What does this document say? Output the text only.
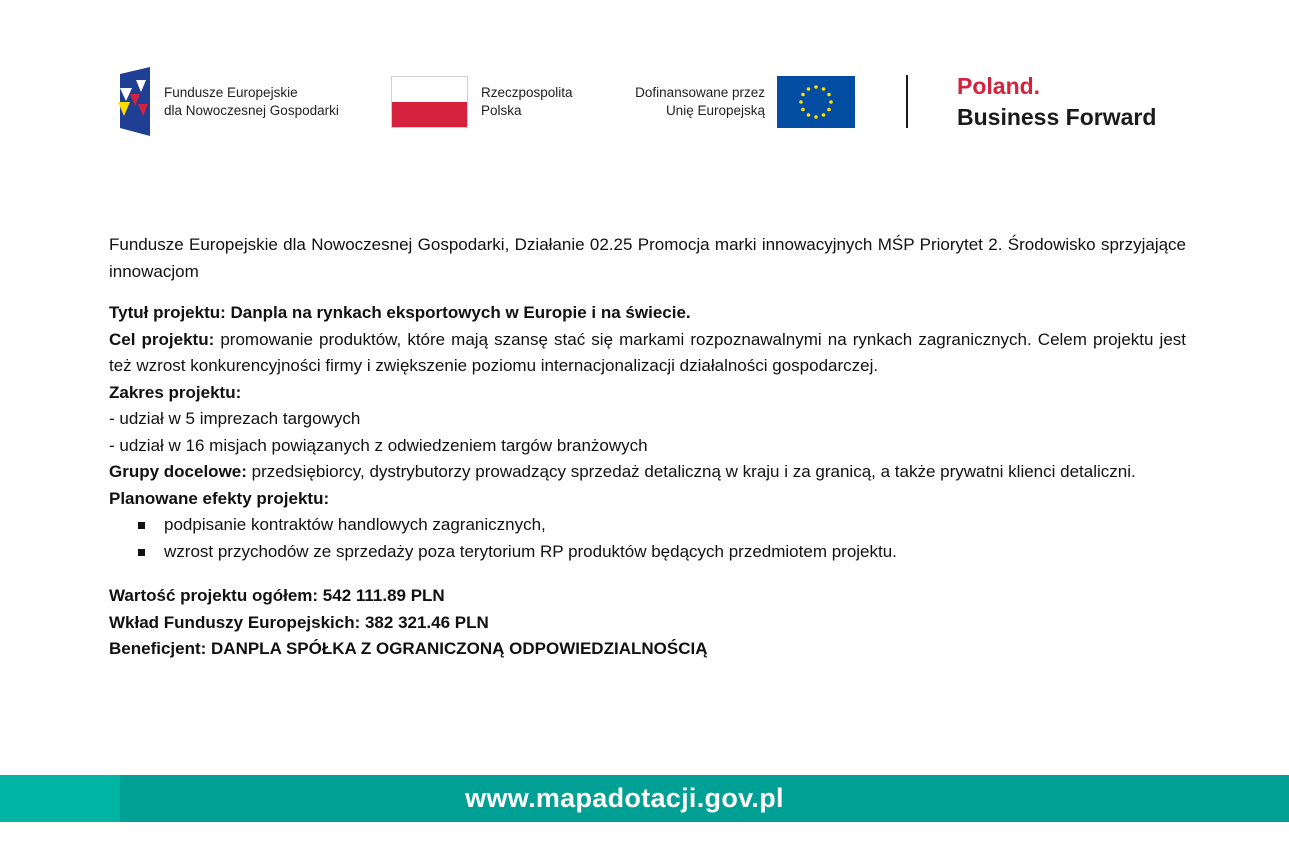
Fundusze Europejskie
dla Nowoczesnej Gospodarki
Rzeczpospolita
Polska
Dofinansowane przez
Unię Europejską
Poland.
Business Forward

Fundusze Europejskie dla Nowoczesnej Gospodarki, Działanie 02.25 Promocja marki innowacyjnych MŚP Priorytet 2. Środowisko sprzyjające innowacjom

Tytuł projektu: Danpla na rynkach eksportowych w Europie i na świecie.

Cel projektu: promowanie produktów, które mają szansę stać się markami rozpoznawalnymi na rynkach zagranicznych. Celem projektu jest też wzrost konkurencyjności firmy i zwiększenie poziomu internacjonalizacji działalności gospodarczej.

Zakres projektu:

- udział w 5 imprezach targowych

- udział w 16 misjach powiązanych z odwiedzeniem targów branżowych

Grupy docelowe: przedsiębiorcy, dystrybutorzy prowadzący sprzedaż detaliczną w kraju i za granicą, a także prywatni klienci detaliczni.

Planowane efekty projektu:

podpisanie kontraktów handlowych zagranicznych,
wzrost przychodów ze sprzedaży poza terytorium RP produktów będących przedmiotem projektu.

Wartość projektu ogółem: 542 111.89 PLN

Wkład Funduszy Europejskich: 382 321.46 PLN

Beneficjent: DANPLA SPÓŁKA Z OGRANICZONĄ ODPOWIEDZIALNOŚCIĄ

www.mapadotacji.gov.pl
